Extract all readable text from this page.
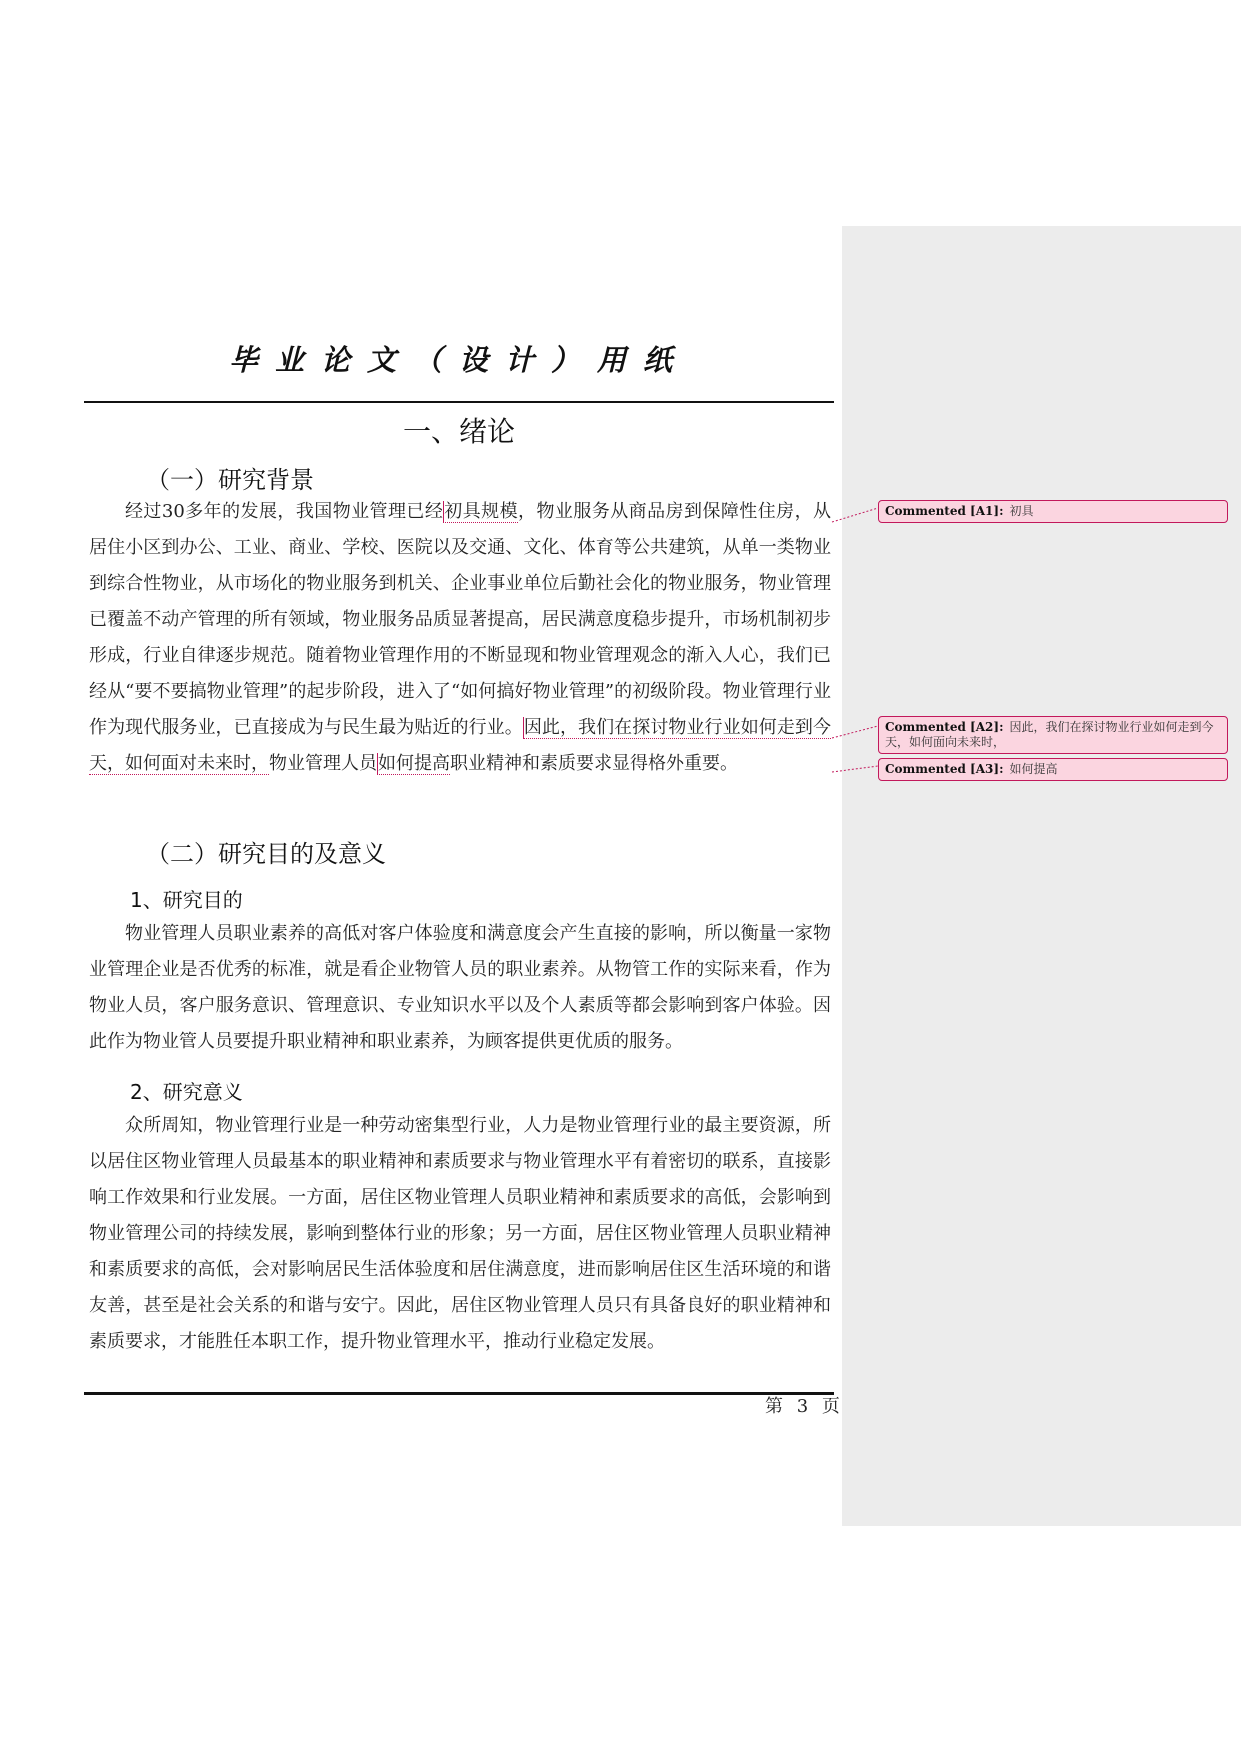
毕业论文（设计）用纸
一、绪论
（一）研究背景

经过30多年的发展，我国物业管理已经初具规模，物业服务从商品房到保障性住房，从居住小区到办公、工业、商业、学校、医院以及交通、文化、体育等公共建筑，从单一类物业到综合性物业，从市场化的物业服务到机关、企业事业单位后勤社会化的物业服务，物业管理已覆盖不动产管理的所有领域，物业服务品质显著提高，居民满意度稳步提升，市场机制初步形成，行业自律逐步规范。随着物业管理作用的不断显现和物业管理观念的渐入人心，我们已经从“要不要搞物业管理”的起步阶段，进入了“如何搞好物业管理”的初级阶段。物业管理行业作为现代服务业，已直接成为与民生最为贴近的行业。因此，我们在探讨物业行业如何走到今天，如何面对未来时，物业管理人员如何提高职业精神和素质要求显得格外重要。

（二）研究目的及意义
1、研究目的

物业管理人员职业素养的高低对客户体验度和满意度会产生直接的影响，所以衡量一家物业管理企业是否优秀的标准，就是看企业物管人员的职业素养。从物管工作的实际来看，作为物业人员，客户服务意识、管理意识、专业知识水平以及个人素质等都会影响到客户体验。因此作为物业管人员要提升职业精神和职业素养，为顾客提供更优质的服务。

2、研究意义

众所周知，物业管理行业是一种劳动密集型行业，人力是物业管理行业的最主要资源，所以居住区物业管理人员最基本的职业精神和素质要求与物业管理水平有着密切的联系，直接影响工作效果和行业发展。一方面，居住区物业管理人员职业精神和素质要求的高低，会影响到物业管理公司的持续发展，影响到整体行业的形象；另一方面，居住区物业管理人员职业精神和素质要求的高低，会对影响居民生活体验度和居住满意度，进而影响居住区生活环境的和谐友善，甚至是社会关系的和谐与安宁。因此，居住区物业管理人员只有具备良好的职业精神和素质要求，才能胜任本职工作，提升物业管理水平，推动行业稳定发展。

第 3 页
Commented [A1]: 初具
Commented [A2]: 因此，我们在探讨物业行业如何走到今天，如何面向未来时，
Commented [A3]: 如何提高
